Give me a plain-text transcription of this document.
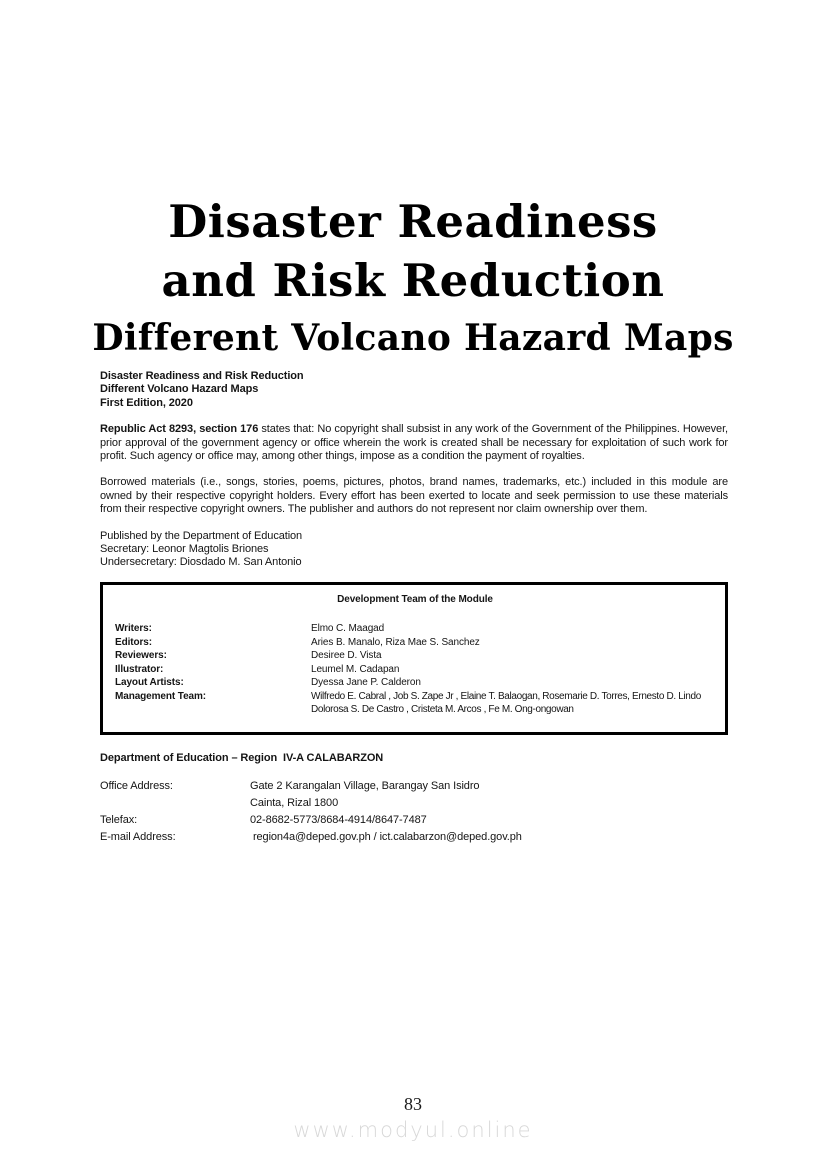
Disaster Readiness
and Risk Reduction
Different Volcano Hazard Maps
Disaster Readiness and Risk Reduction
Different Volcano Hazard Maps
First Edition, 2020

Republic Act 8293, section 176 states that: No copyright shall subsist in any work of the Government of the Philippines. However, prior approval of the government agency or office wherein the work is created shall be necessary for exploitation of such work for profit. Such agency or office may, among other things, impose as a condition the payment of royalties.

Borrowed materials (i.e., songs, stories, poems, pictures, photos, brand names, trademarks, etc.) included in this module are owned by their respective copyright holders. Every effort has been exerted to locate and seek permission to use these materials from their respective copyright owners. The publisher and authors do not represent nor claim ownership over them.

Published by the Department of Education
Secretary: Leonor Magtolis Briones
Undersecretary: Diosdado M. San Antonio
Development Team of the Module
Writers:	Elmo C. Maagad
Editors:	Aries B. Manalo, Riza Mae S. Sanchez
Reviewers:	Desiree D. Vista
Illustrator:	Leumel M. Cadapan
Layout Artists:	Dyessa Jane P. Calderon
Management Team:	Wilfredo E. Cabral , Job S. Zape Jr , Elaine T. Balaogan, Rosemarie D. Torres, Ernesto D. Lindo
Dolorosa S. De Castro , Cristeta M. Arcos , Fe M. Ong-ongowan
Department of Education – Region  IV-A CALABARZON
Office Address:	Gate 2 Karangalan Village, Barangay San Isidro
Cainta, Rizal 1800
Telefax:	02-8682-5773/8684-4914/8647-7487
E-mail Address:	region4a@deped.gov.ph / ict.calabarzon@deped.gov.ph
83
www.modyul.online
